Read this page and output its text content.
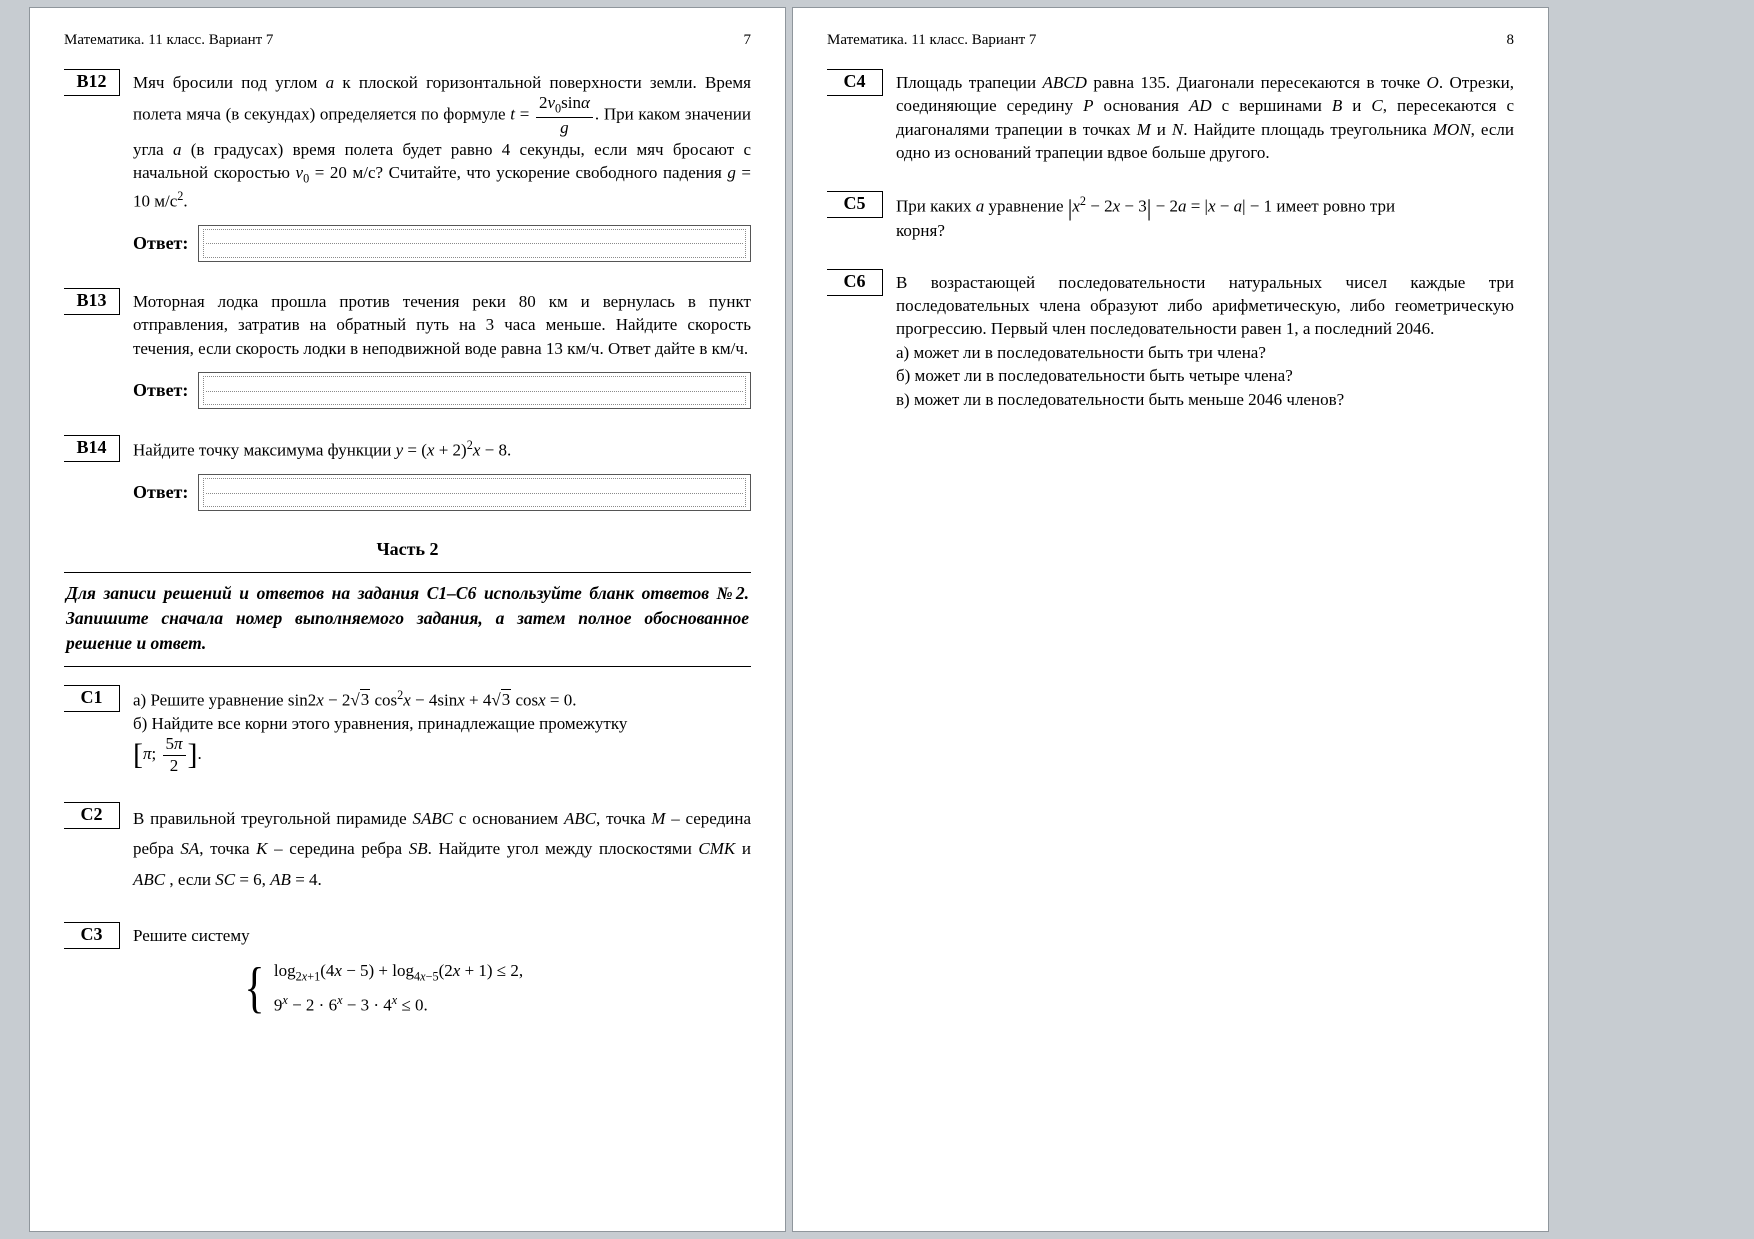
Математика. 11 класс. Вариант 7	7
В12	Мяч бросили под углом a к плоской горизонтальной поверхности земли. Время полета мяча (в секундах) определяется по формуле $t = \frac{2v_0\sin\alpha}{g}$ . При каком значении угла a (в градусах) время полета будет равно 4 секунды, если мяч бросают с начальной скоростью $v_0 = 20$ м/с? Считайте, что ускорение свободного падения g = 10 $м/с^2$.
Ответ:
В13	Моторная лодка прошла против течения реки 80 км и вернулась в пункт отправления, затратив на обратный путь на 3 часа меньше. Найдите скорость течения, если скорость лодки в неподвижной воде равна 13 км/ч. Ответ дайте в км/ч.
Ответ:
В14	Найдите точку максимума функции $y = (x + 2)^2x - 8$.
Ответ:
Часть 2
Для записи решений и ответов на задания С1–С6 используйте бланк ответов №2. Запишите сначала номер выполняемого задания, а затем полное обоснованное решение и ответ.
С1	а) Решите уравнение sin2x − 2√3 $\cos^2x - 4\sin x + 4√3$ cosx = 0.
б) Найдите все корни этого уравнения, принадлежащие промежутку
[π; $\frac{5\pi}{2}$ ].
С2	В правильной треугольной пирамиде SABC с основанием ABC, точка M – середина ребра SA, точка K – середина ребра SB. Найдите угол между плоскостями CMK и ABC , если SC = 6, AB = 4.
С3	Решите систему
{ $\log_{2x+1}(4x - 5) + \log_{4x-5}(2x + 1) \le 2$,
$9^x - 2 \cdot 6^x - 3 \cdot 4^x \le 0$.
Математика. 11 класс. Вариант 7	8
С4	Площадь трапеции ABCD равна 135. Диагонали пересекаются в точке O. Отрезки, соединяющие середину P основания AD с вершинами B и C, пересекаются с диагоналями трапеции в точках M и N. Найдите площадь треугольника MON, если одно из оснований трапеции вдвое больше другого.
С5	При каких a уравнение $|x^2 - 2x - 3| - 2a = |x - a| - 1$ имеет ровно три
корня?
С6	В возрастающей последовательности натуральных чисел каждые три последовательных члена образуют либо арифметическую, либо геометрическую прогрессию. Первый член последовательности равен 1, а последний 2046.
а) может ли в последовательности быть три члена?
б) может ли в последовательности быть четыре члена?
в) может ли в последовательности быть меньше 2046 членов?
